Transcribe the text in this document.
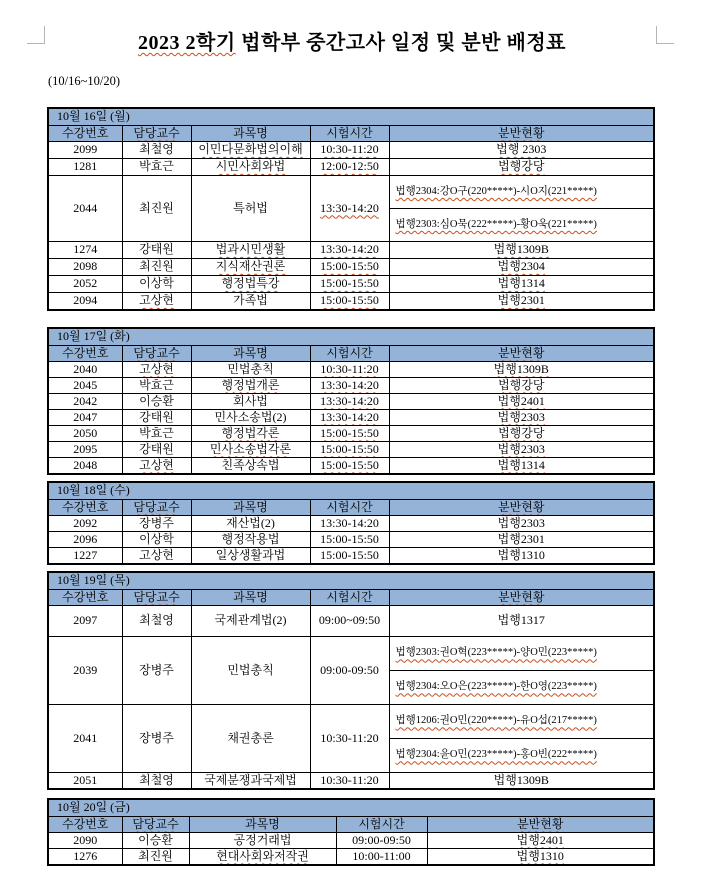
2023 2학기 법학부 중간고사 일정 및 분반 배정표
(10/16~10/20)
10월 16일 (월)				
수강번호	담당교수	과목명	시험시간	분반현황
2099	최철영	이민다문화법의이해	10:30-11:20	법행 2303
1281	박효근	시민사회와법	12:00-12:50	법행강당
2044	최진원	특허법	13:30-14:20	법행2304:강O구(220*****)-시O지(221*****)
				법행2303:심O묵(222*****)-황O욱(221*****)
1274	강태원	법과시민생활	13:30-14:20	법행1309B
2098	최진원	지식재산권론	15:00-15:50	법행2304
2052	이상학	행정법특강	15:00-15:50	법행1314
2094	고상현	가족법	15:00-15:50	법행2301
10월 17일 (화)				
수강번호	담당교수	과목명	시험시간	분반현황
2040	고상현	민법총칙	10:30-11:20	법행1309B
2045	박효근	행정법개론	13:30-14:20	법행강당
2042	이승환	회사법	13:30-14:20	법행2401
2047	강태원	민사소송법(2)	13:30-14:20	법행2303
2050	박효근	행정법각론	15:00-15:50	법행강당
2095	강태원	민사소송법각론	15:00-15:50	법행2303
2048	고상현	친족상속법	15:00-15:50	법행1314
10월 18일 (수)				
수강번호	담당교수	과목명	시험시간	분반현황
2092	장병주	재산법(2)	13:30-14:20	법행2303
2096	이상학	행정작용법	15:00-15:50	법행2301
1227	고상현	일상생활과법	15:00-15:50	법행1310
10월 19일 (목)				
수강번호	담당교수	과목명	시험시간	분반현황
2097	최철영	국제관계법(2)	09:00~09:50	법행1317
2039	장병주	민법총칙	09:00-09:50	법행2303:권O혁(223*****)-양O민(223*****)
				법행2304:오O은(223*****)-한O영(223*****)
2041	장병주	채권총론	10:30-11:20	법행1206:권O민(220*****)-유O섭(217*****)
				법행2304:윤O민(223*****)-홍O빈(222*****)
2051	최철영	국제분쟁과국제법	10:30-11:20	법행1309B
10월 20일 (금)				
수강번호	담당교수	과목명	시험시간	분반현황
2090	이승환	공정거래법	09:00-09:50	법행2401
1276	최진원	현대사회와저작권	10:00-11:00	법행1310
